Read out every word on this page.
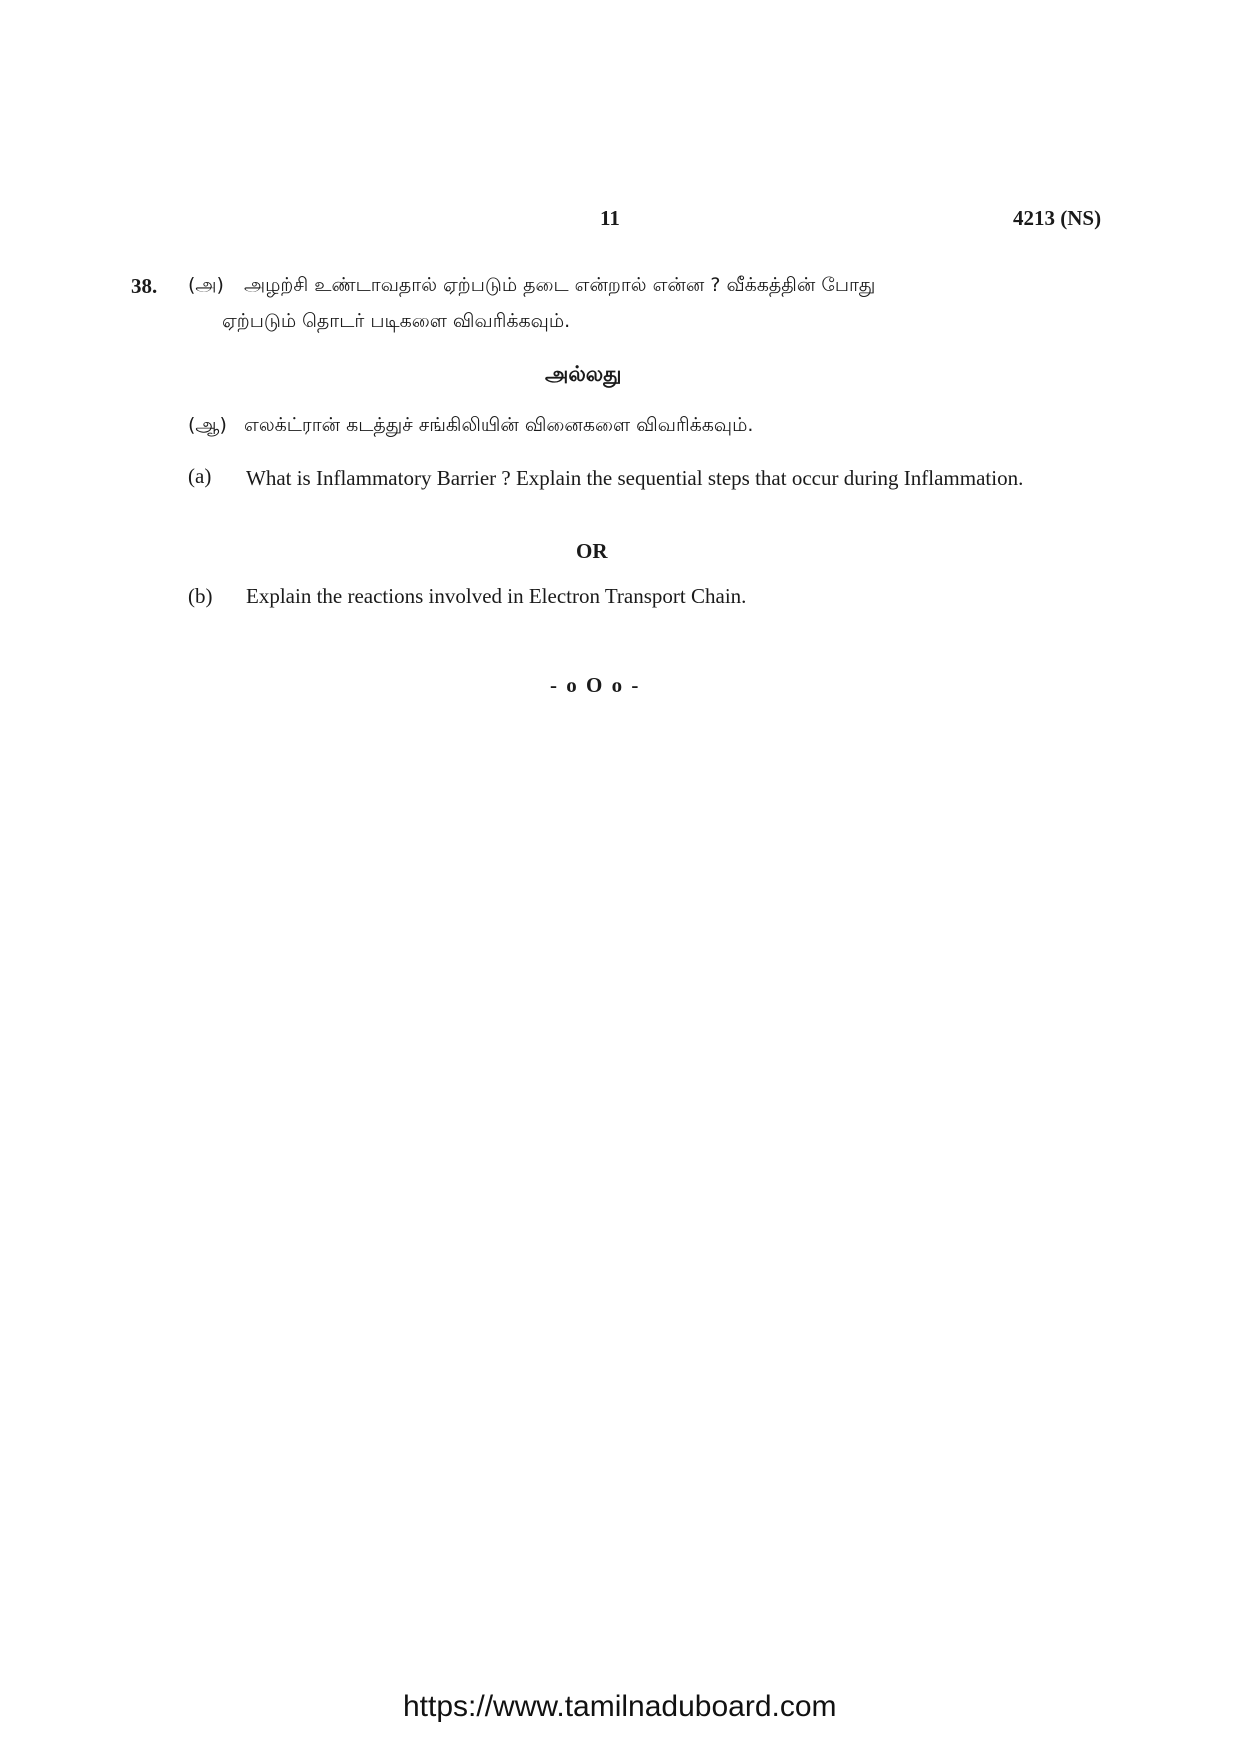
11	4213 (NS)
38. (அ) அழற்சி உண்டாவதால் ஏற்படும் தடை என்றால் என்ன ? வீக்கத்தின் போது
ஏற்படும் தொடர் படிகளை விவரிக்கவும்.
அல்லது
(ஆ) எலக்ட்ரான் கடத்துச் சங்கிலியின் வினைகளை விவரிக்கவும்.
(a) What is Inflammatory Barrier ? Explain the sequential steps that occur during Inflammation.
OR
(b) Explain the reactions involved in Electron Transport Chain.
- o O o -
https://www.tamilnaduboard.com
